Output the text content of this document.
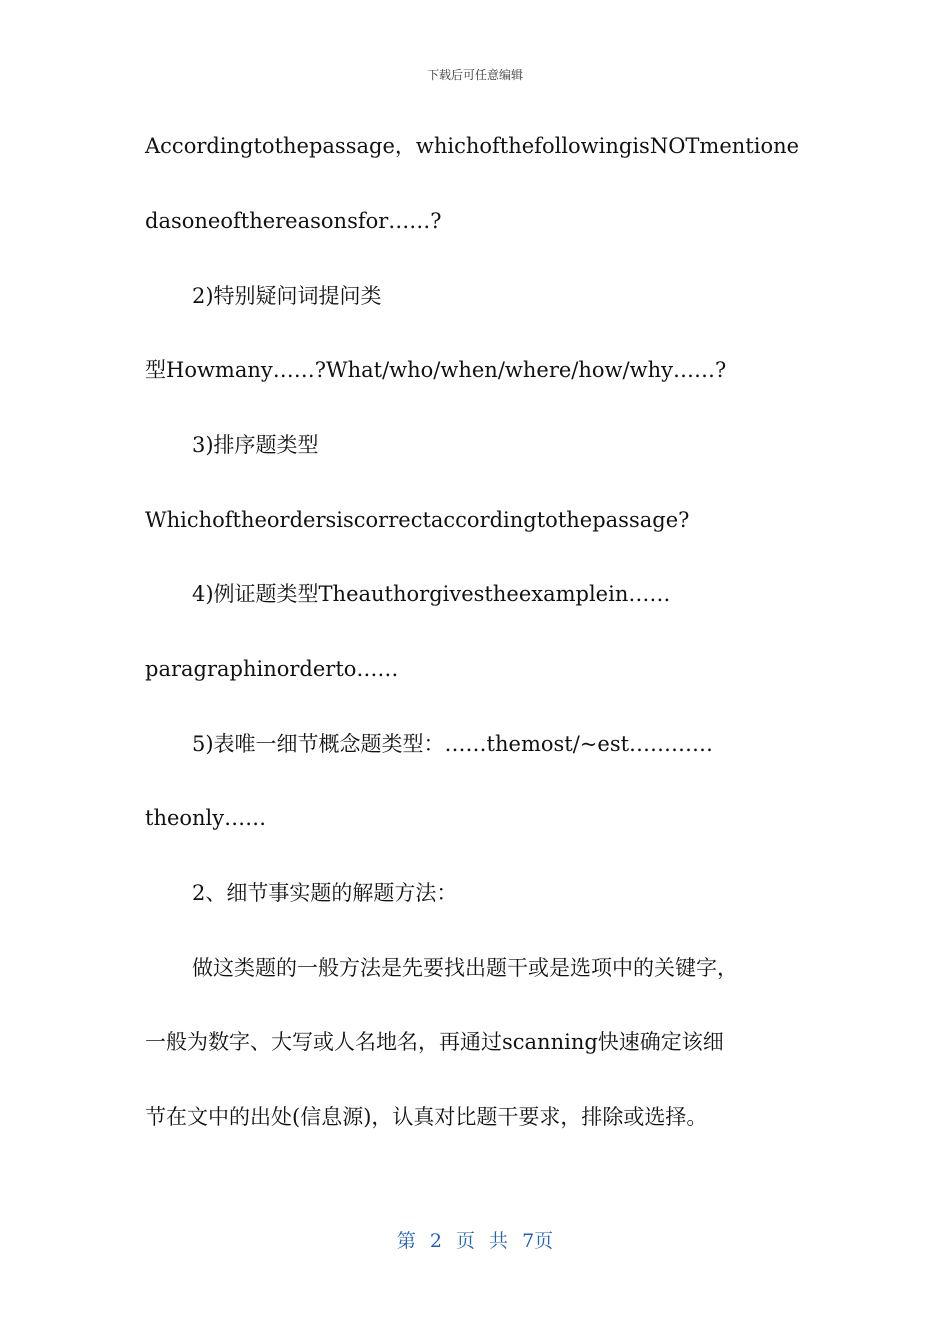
下载后可任意编辑
Accordingtothepassage，whichofthefollowingisNOTmentione
dasoneofthereasonsfor……?
2)特别疑问词提问类
型Howmany……?What/who/when/where/how/why……?
3)排序题类型
Whichoftheordersiscorrectaccordingtothepassage?
4)例证题类型Theauthorgivestheexamplein……
paragraphinorderto……
5)表唯一细节概念题类型：……themost/~est…………
theonly……
2、细节事实题的解题方法：
做这类题的一般方法是先要找出题干或是选项中的关键字，
一般为数字、大写或人名地名，再通过scanning快速确定该细
节在文中的出处(信息源)，认真对比题干要求，排除或选择。
第 2 页 共 7页
